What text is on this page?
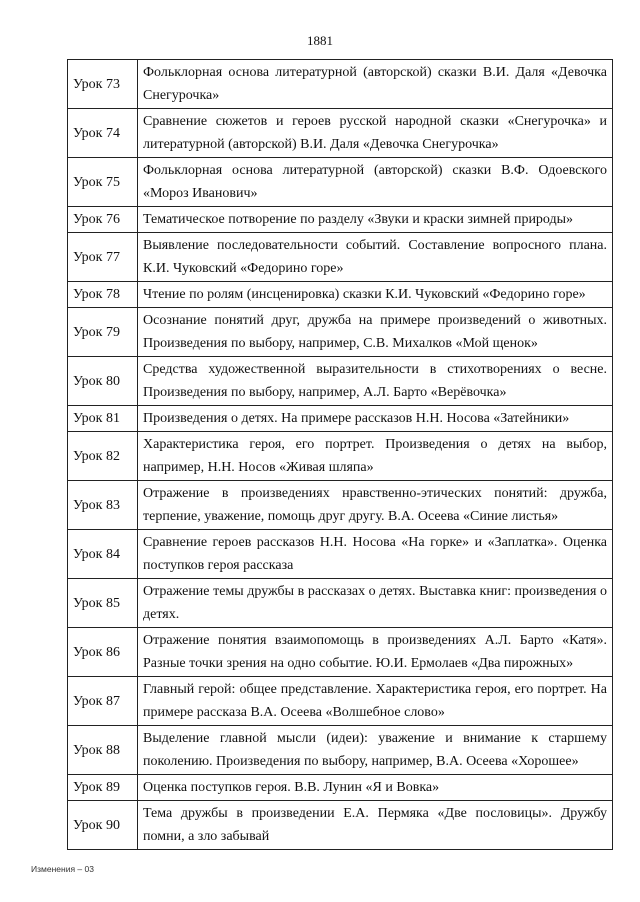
1881
Урок 73	Фольклорная основа литературной (авторской) сказки В.И. Даля «Девочка Снегурочка»
Урок 74	Сравнение сюжетов и героев русской народной сказки «Снегурочка» и литературной (авторской) В.И. Даля «Девочка Снегурочка»
Урок 75	Фольклорная основа литературной (авторской) сказки В.Ф. Одоевского «Мороз Иванович»
Урок 76	Тематическое потворение по разделу «Звуки и краски зимней природы»
Урок 77	Выявление последовательности событий. Составление вопросного плана. К.И. Чуковский «Федорино горе»
Урок 78	Чтение по ролям (инсценировка) сказки К.И. Чуковский «Федорино горе»
Урок 79	Осознание понятий друг, дружба на примере произведений о животных. Произведения по выбору, например, С.В. Михалков «Мой щенок»
Урок 80	Средства художественной выразительности в стихотворениях о весне. Произведения по выбору, например, А.Л. Барто «Верёвочка»
Урок 81	Произведения о детях. На примере рассказов Н.Н. Носова «Затейники»
Урок 82	Характеристика героя, его портрет. Произведения о детях на выбор, например, Н.Н. Носов «Живая шляпа»
Урок 83	Отражение в произведениях нравственно-этических понятий: дружба, терпение, уважение, помощь друг другу. В.А. Осеева «Синие листья»
Урок 84	Сравнение героев рассказов Н.Н. Носова «На горке» и «Заплатка». Оценка поступков героя рассказа
Урок 85	Отражение темы дружбы в рассказах о детях. Выставка книг: произведения о детях.
Урок 86	Отражение понятия взаимопомощь в произведениях А.Л. Барто «Катя». Разные точки зрения на одно событие. Ю.И. Ермолаев «Два пирожных»
Урок 87	Главный герой: общее представление. Характеристика героя, его портрет. На примере рассказа В.А. Осеева «Волшебное слово»
Урок 88	Выделение главной мысли (идеи): уважение и внимание к старшему поколению. Произведения по выбору, например, В.А. Осеева «Хорошее»
Урок 89	Оценка поступков героя. В.В. Лунин «Я и Вовка»
Урок 90	Тема дружбы в произведении Е.А. Пермяка «Две пословицы». Дружбу помни, а зло забывай
Изменения – 03
